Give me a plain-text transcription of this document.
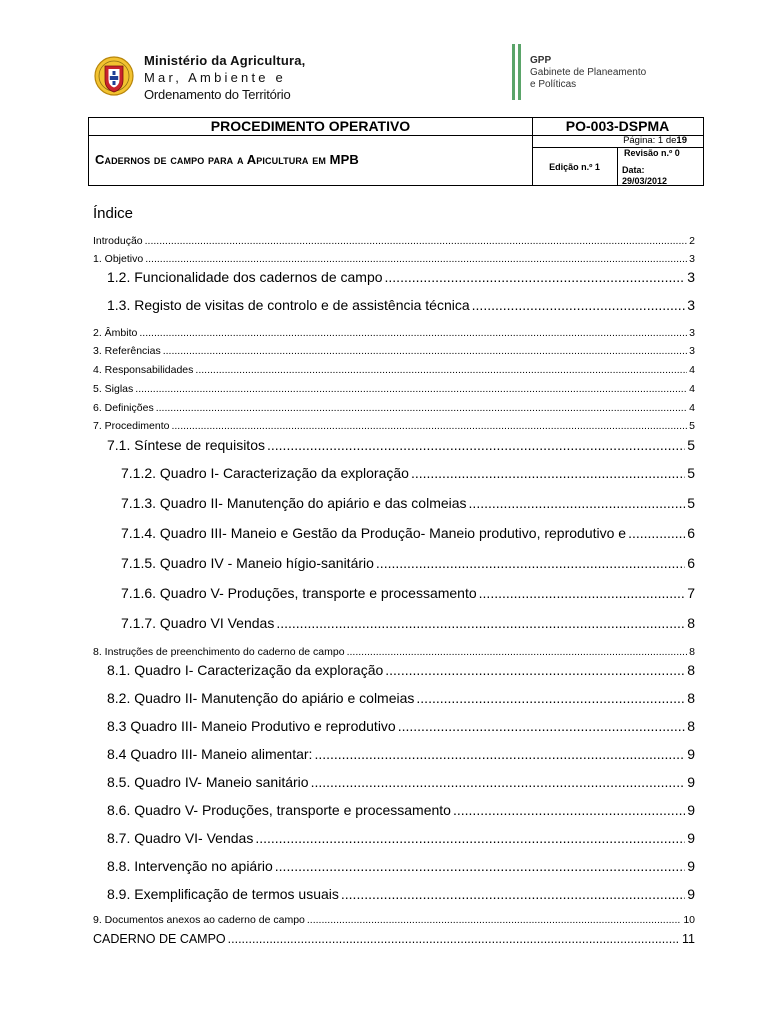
Ministério da Agricultura,
Mar, Ambiente e
Ordenamento do Território
GPP
Gabinete de Planeamento
e Políticas
PROCEDIMENTO OPERATIVO	PO-003-DSPMA
Cadernos de campo para a Apicultura em MPB
Página: 1 de19
Edição n.º 1
Revisão n.º 0
Data:
29/03/2012
Índice
Introdução .....	2
1. Objetivo .....	3
1.2. Funcionalidade dos cadernos de campo .....	3
1.3. Registo de visitas de controlo e de assistência técnica .....	3
2. Âmbito .....	3
3. Referências .....	3
4. Responsabilidades .....	4
5. Siglas .....	4
6. Definições .....	4
7. Procedimento .....	5
7.1. Síntese de requisitos .....	5
7.1.2. Quadro I- Caracterização da exploração .....	5
7.1.3. Quadro II- Manutenção do apiário e das colmeias .....	5
7.1.4. Quadro III- Maneio e Gestão da Produção- Maneio produtivo, reprodutivo e .....	6
7.1.5. Quadro IV - Maneio hígio-sanitário .....	6
7.1.6. Quadro V- Produções, transporte e processamento .....	7
7.1.7. Quadro VI Vendas .....	8
8. Instruções de preenchimento do caderno de campo .....	8
8.1. Quadro I- Caracterização da exploração .....	8
8.2. Quadro II- Manutenção do apiário e colmeias .....	8
8.3 Quadro III- Maneio Produtivo e reprodutivo .....	8
8.4 Quadro III- Maneio alimentar: .....	9
8.5. Quadro IV- Maneio sanitário .....	9
8.6. Quadro V- Produções, transporte e processamento .....	9
8.7. Quadro VI- Vendas .....	9
8.8. Intervenção no apiário .....	9
8.9. Exemplificação de termos usuais .....	9
9. Documentos anexos ao caderno de campo .....	10
CADERNO DE CAMPO .....	11
